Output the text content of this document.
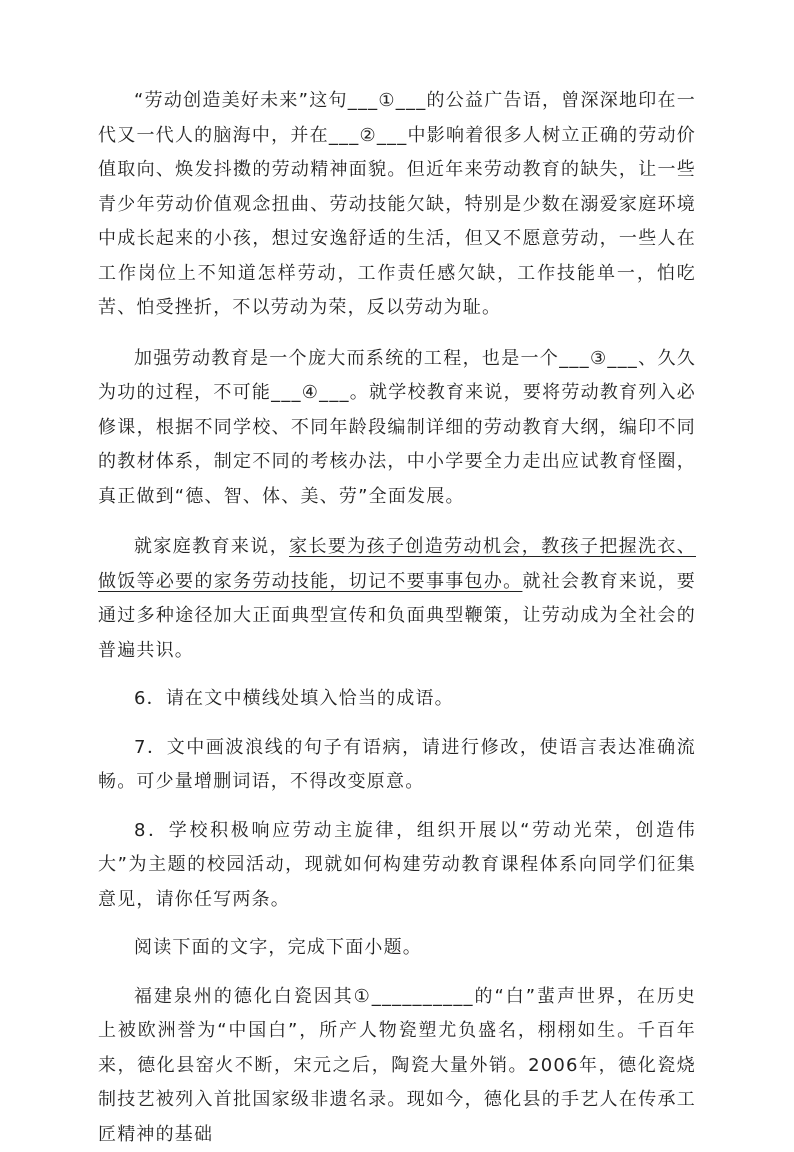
“劳动创造美好未来”这句___①___的公益广告语，曾深深地印在一代又一代人的脑海中，并在___②___中影响着很多人树立正确的劳动价值取向、焕发抖擞的劳动精神面貌。但近年来劳动教育的缺失，让一些青少年劳动价值观念扭曲、劳动技能欠缺，特别是少数在溺爱家庭环境中成长起来的小孩，想过安逸舒适的生活，但又不愿意劳动，一些人在工作岗位上不知道怎样劳动，工作责任感欠缺，工作技能单一，怕吃苦、怕受挫折，不以劳动为荣，反以劳动为耻。

加强劳动教育是一个庞大而系统的工程，也是一个___③___、久久为功的过程，不可能___④___。就学校教育来说，要将劳动教育列入必修课，根据不同学校、不同年龄段编制详细的劳动教育大纲，编印不同的教材体系，制定不同的考核办法，中小学要全力走出应试教育怪圈，真正做到“德、智、体、美、劳”全面发展。

就家庭教育来说，家长要为孩子创造劳动机会，教孩子把握洗衣、做饭等必要的家务劳动技能，切记不要事事包办。就社会教育来说，要通过多种途径加大正面典型宣传和负面典型鞭策，让劳动成为全社会的普遍共识。

6．请在文中横线处填入恰当的成语。

7．文中画波浪线的句子有语病，请进行修改，使语言表达准确流畅。可少量增删词语，不得改变原意。

8．学校积极响应劳动主旋律，组织开展以“劳动光荣，创造伟大”为主题的校园活动，现就如何构建劳动教育课程体系向同学们征集意见，请你任写两条。

阅读下面的文字，完成下面小题。

福建泉州的德化白瓷因其①__________的“白”蜚声世界，在历史上被欧洲誉为“中国白”，所产人物瓷塑尤负盛名，栩栩如生。千百年来，德化县窑火不断，宋元之后，陶瓷大量外销。2006年，德化瓷烧制技艺被列入首批国家级非遗名录。现如今，德化县的手艺人在传承工匠精神的基础
